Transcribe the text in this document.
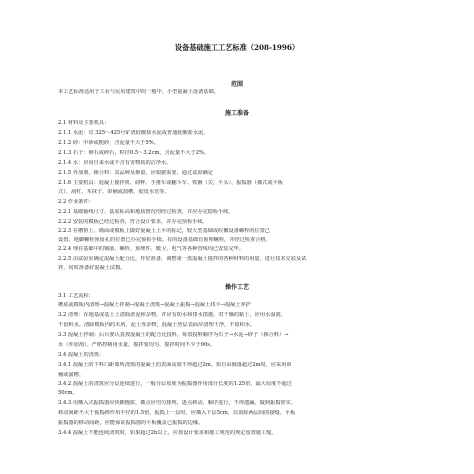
设备基础施工工艺标准（208-1996）
范围
本工艺标准适用于工业与民用建筑中的一般中、小型混凝土设备基础。
施工准备
2.1 材料及主要机具：
2.1.1 水泥：宜 325～425号矿渣硅酸盐水泥或普通硅酸盐水泥。
2.1.2 砂：中砂或粗砂，含泥量不大于5%。
2.1.3 石子：卵石或碎石，粒径0.5～3.2cm，含泥量不大于2%。
2.1.4 水：应用自来水或不含有害物质的洁净水。
2.1.5 外加剂、掺合料：其品种及掺量，应根据需要，通过试验确定
2.1.6 主要机具：混凝土搅拌机、磅秤、手推车或翻斗车、铁锹（尖、平头）、振捣器（插式或平板
式）、刮杠、木抹子、串桶或溜槽、胶皮水管等。
2.2 作业条件：
2.2.1 基础轴线尺寸、基底标高和地质情况均经过检查，并应办完隐检手续。
2.2.2 安装的模板已经过检查，符合设计要求，并办完预检手续。
2.2.3 在槽帮上、墙面或模板上做好混凝土上平的标记，较大型基础或砼搁设备螺栓的位置已
设置。地脚螺栓预留孔的位置已办完预检手续。有的设备基础有预埋螺栓，并经过检查合格。
2.2.4 埋在基础中的钢筋、螺栓、预埋件、暖卫、电气等各种管线均已安装完毕。
2.2.5 由试验室确定混凝土配合比，作好准备，调整第一盘混凝土搅拌的各种材料的用量，进行技术交底及试
拌，同时准备好混凝土试模。
操作工艺
3.1 工艺流程：
槽底或模板内清理→混凝土拌制→混凝土浇筑→混凝土振捣→混凝土找平→混凝土养护
3.2 清理：在地基或基土上清除淤泥和杂物，并应有防水和排水措施。对干燥的粘土，应用水湿润，
不留积水。清除模板内的木屑、泥土等杂物，混凝土垫层表面应清理干净，不留积水。
3.3 混凝土拌制：后台要认真按混凝土的配合比投料，每盘投料顺序为石子→水泥→砂子（掺合料）→
水（外加剂）。严格控制用水量，搅拌要均匀，搅拌时间不少于90s。
3.4 混凝土的浇筑：
3.4.1 混凝土的下料口距离所浇筑的混凝土的表面高度不得超过2m。如自由倾落超过2m时，应采用串
桶或溜槽。
3.4.2 混凝土的浇筑应分层连续进行，一般分层厚度为振捣器作用部分长度的1.25倍，最大厚度不超过
50cm。
3.4.3 用插入式振捣器应快插慢拔，插点应均匀排列，逐点移动，顺序进行，不得遗漏，做到振捣密实。
移动间距不大于振捣棒作用半径的1.5倍。振捣上一层时，应插入下层5cm，以消除两层间的接缝。平板
振捣器的移动间距，应能保证振捣器的平板覆盖已振捣的边缘。
3.4.4 混凝土不能连续浇筑时，如果超过2h以上，应按设计要求和施工规范的规定留置施工缝。
